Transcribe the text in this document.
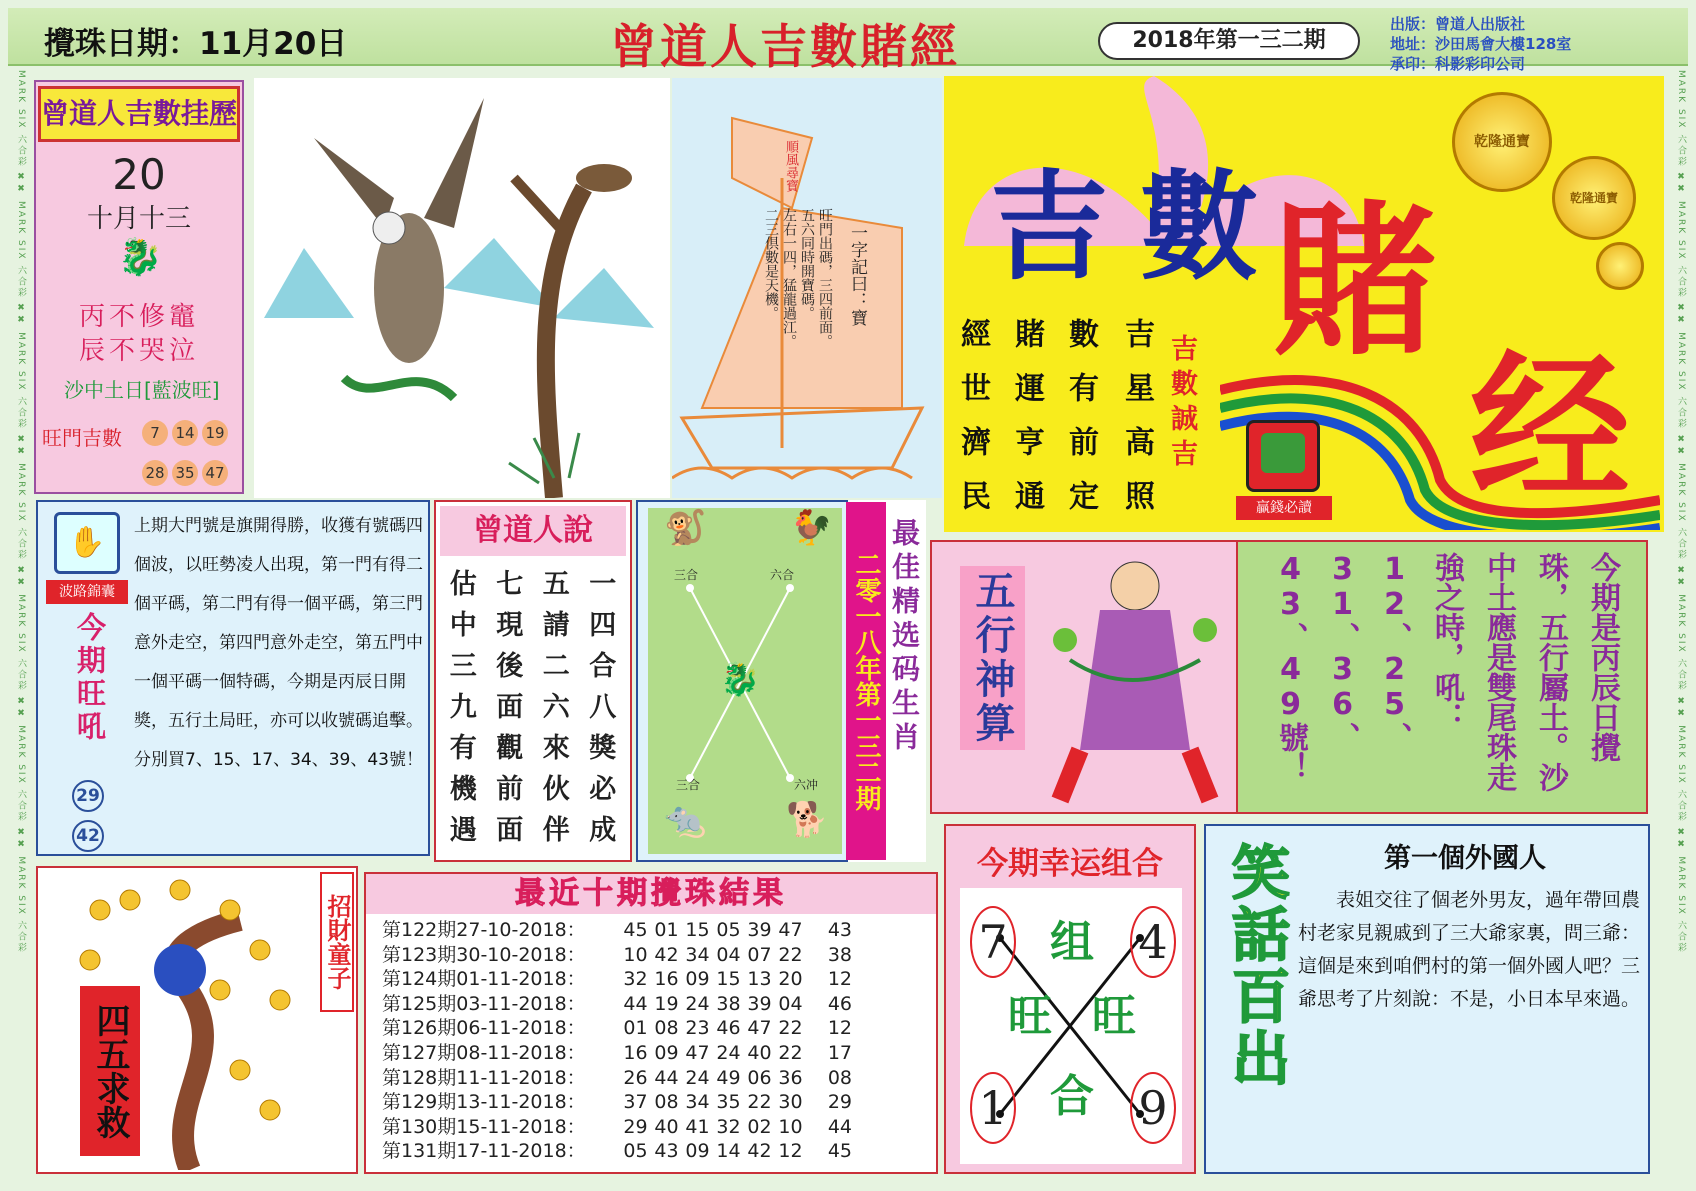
MARK SIX 六合彩 ✖✖ MARK SIX 六合彩 ✖✖ MARK SIX 六合彩 ✖✖ MARK SIX 六合彩 ✖✖ MARK SIX 六合彩 ✖✖ MARK SIX 六合彩 ✖✖ MARK SIX 六合彩	MARK SIX 六合彩 ✖✖ MARK SIX 六合彩 ✖✖ MARK SIX 六合彩 ✖✖ MARK SIX 六合彩 ✖✖ MARK SIX 六合彩 ✖✖ MARK SIX 六合彩 ✖✖ MARK SIX 六合彩
攪珠日期：11月20日	曾道人吉數賭經	2018年第一三二期
出版：曾道人出版社
地址：沙田馬會大樓128室
承印：科影彩印公司
曾道人吉數挂歷
20
十月十三
🐉
丙不修竈
辰不哭泣
沙中土日[藍波旺]
旺門吉數	7 14 19
28 35 47
順風尋寶
一字記曰：寶
旺門出碼，三四前面。
五六同時開寶碼。
左右一四，猛龍過江。
二三倶數是天機。 吉 數 賭
经
乾隆通寶
乾隆通寶
吉星高照
數有前定
賭運亨通
經世濟民	吉數誠吉
贏錢必讀
✋
波路錦囊
今期旺吼
上期大門號是旗開得勝，收獲有號碼四個波，以旺勢凌人出現，第一門有得二個平碼，第二門有得一個平碼，第三門意外走空，第四門意外走空，第五門中一個平碼一個特碼，今期是丙辰日開獎，五行土局旺，亦可以收號碼追擊。分別買7、15、17、34、39、43號！
29
42
曾道人說
估 七 五 一
中 現 請 四
三 後 二 合
九 面 六 八
有 觀 來 獎
機 前 伙 必
遇 面 伴 成
🐒 🐓
🐉
🐀 🐕
三合	六合
三合	六冲 二零一八年第一三二期 最佳精选码生肖 五行神算	今期是丙辰日攪珠，五行屬土。沙中土應是雙尾珠走強之時，吼：12、25、31、36、43、49號！
四五求救
招財童子
最近十期攪珠結果
第122期27-10-2018：	45 01 15 05 39 47	43
第123期30-10-2018：	10 42 34 04 07 22	38
第124期01-11-2018：	32 16 09 15 13 20	12
第125期03-11-2018：	44 19 24 38 39 04	46
第126期06-11-2018：	01 08 23 46 47 22	12
第127期08-11-2018：	16 09 47 24 40 22	17
第128期11-11-2018：	26 44 24 49 06 36	08
第129期13-11-2018：	37 08 34 35 22 30	29
第130期15-11-2018：	29 40 41 32 02 10	44
第131期17-11-2018：	05 43 09 14 42 12	45
今期幸运组合
7	4
1	9
组
旺 旺
合
笑話百出	第一個外國人
表姐交往了個老外男友，過年帶回農村老家見親戚到了三大爺家裏，問三爺：這個是來到咱們村的第一個外國人吧？三爺思考了片刻說：不是，小日本早來過。
